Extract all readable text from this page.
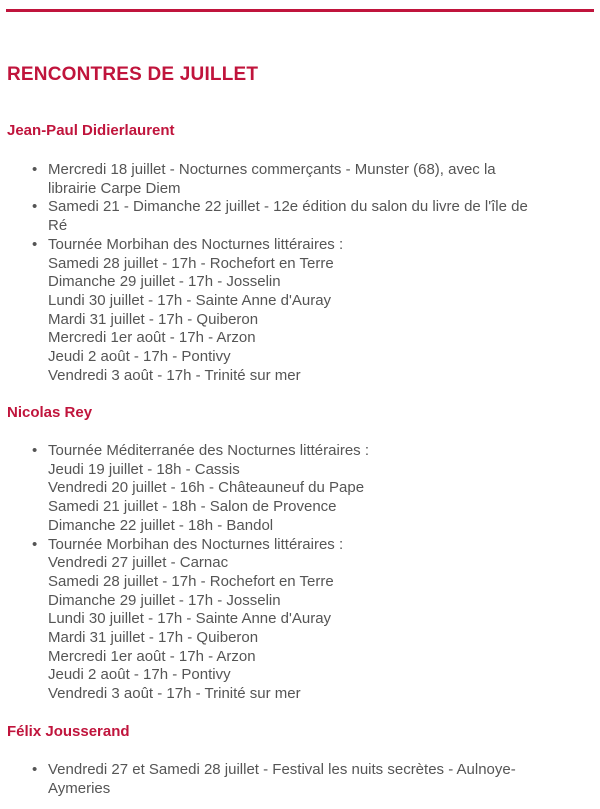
RENCONTRES DE JUILLET
Jean-Paul Didierlaurent
• Mercredi 18 juillet - Nocturnes commerçants - Munster (68), avec la
librairie Carpe Diem
• Samedi 21 - Dimanche 22 juillet - 12e édition du salon du livre de l'île de
Ré
• Tournée Morbihan des Nocturnes littéraires :
Samedi 28 juillet - 17h - Rochefort en Terre
Dimanche 29 juillet - 17h - Josselin
Lundi 30 juillet - 17h - Sainte Anne d'Auray
Mardi 31 juillet - 17h - Quiberon
Mercredi 1er août - 17h - Arzon
Jeudi 2 août - 17h - Pontivy
Vendredi 3 août - 17h - Trinité sur mer
Nicolas Rey
• Tournée Méditerranée des Nocturnes littéraires :
Jeudi 19 juillet - 18h - Cassis
Vendredi 20 juillet - 16h - Châteauneuf du Pape
Samedi 21 juillet - 18h - Salon de Provence
Dimanche 22 juillet - 18h - Bandol
• Tournée Morbihan des Nocturnes littéraires :
Vendredi 27 juillet - Carnac
Samedi 28 juillet - 17h - Rochefort en Terre
Dimanche 29 juillet - 17h - Josselin
Lundi 30 juillet - 17h - Sainte Anne d'Auray
Mardi 31 juillet - 17h - Quiberon
Mercredi 1er août - 17h - Arzon
Jeudi 2 août - 17h - Pontivy
Vendredi 3 août - 17h - Trinité sur mer
Félix Jousserand
• Vendredi 27 et Samedi 28 juillet - Festival les nuits secrètes - Aulnoye-
Aymeries
